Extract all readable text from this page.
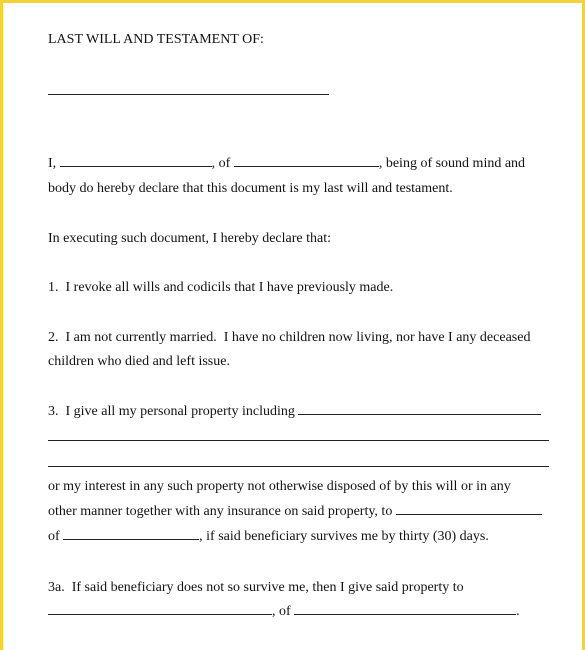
LAST WILL AND TESTAMENT OF:
I,	, of	, being of sound mind and
body do hereby declare that this document is my last will and testament.
In executing such document, I hereby declare that:
1.  I revoke all wills and codicils that I have previously made.
2.  I am not currently married.  I have no children now living, nor have I any deceased
children who died and left issue.
3.  I give all my personal property including
or my interest in any such property not otherwise disposed of by this will or in any
other manner together with any insurance on said property, to
of	, if said beneficiary survives me by thirty (30) days.
3a.  If said beneficiary does not so survive me, then I give said property to
, of	.
